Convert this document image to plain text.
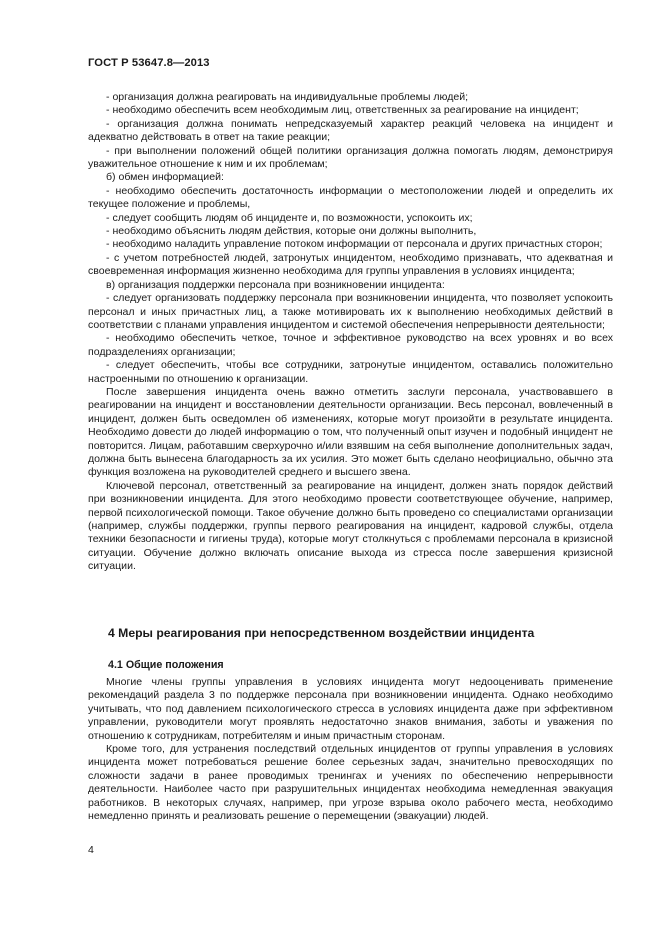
ГОСТ Р 53647.8—2013

- организация должна реагировать на индивидуальные проблемы людей;

- необходимо обеспечить всем необходимым лиц, ответственных за реагирование на инцидент;

- организация должна понимать непредсказуемый характер реакций человека на инцидент и адекватно действовать в ответ на такие реакции;

- при выполнении положений общей политики организация должна помогать людям, демонстрируя уважительное отношение к ним и их проблемам;

б) обмен информацией:

- необходимо обеспечить достаточность информации о местоположении людей и определить их текущее положение и проблемы,

- следует сообщить людям об инциденте и, по возможности, успокоить их;

- необходимо объяснить людям действия, которые они должны выполнить,

- необходимо наладить управление потоком информации от персонала и других причастных сторон;

- с учетом потребностей людей, затронутых инцидентом, необходимо признавать, что адекватная и своевременная информация жизненно необходима для группы управления в условиях инцидента;

в) организация поддержки персонала при возникновении инцидента:

- следует организовать поддержку персонала при возникновении инцидента, что позволяет успокоить персонал и иных причастных лиц, а также мотивировать их к выполнению необходимых действий в соответствии с планами управления инцидентом и системой обеспечения непрерывности деятельности;

- необходимо обеспечить четкое, точное и эффективное руководство на всех уровнях и во всех подразделениях организации;

- следует обеспечить, чтобы все сотрудники, затронутые инцидентом, оставались положительно настроенными по отношению к организации.

После завершения инцидента очень важно отметить заслуги персонала, участвовавшего в реагировании на инцидент и восстановлении деятельности организации. Весь персонал, вовлеченный в инцидент, должен быть осведомлен об изменениях, которые могут произойти в результате инцидента. Необходимо довести до людей информацию о том, что полученный опыт изучен и подобный инцидент не повторится. Лицам, работавшим сверхурочно и/или взявшим на себя выполнение дополнительных задач, должна быть вынесена благодарность за их усилия. Это может быть сделано неофициально, обычно эта функция возложена на руководителей среднего и высшего звена.

Ключевой персонал, ответственный за реагирование на инцидент, должен знать порядок действий при возникновении инцидента. Для этого необходимо провести соответствующее обучение, например, первой психологической помощи. Такое обучение должно быть проведено со специалистами организации (например, службы поддержки, группы первого реагирования на инцидент, кадровой службы, отдела техники безопасности и гигиены труда), которые могут столкнуться с проблемами персонала в кризисной ситуации. Обучение должно включать описание выхода из стресса после завершения кризисной ситуации.

4 Меры реагирования при непосредственном воздействии инцидента
4.1 Общие положения

Многие члены группы управления в условиях инцидента могут недооценивать применение рекомендаций раздела 3 по поддержке персонала при возникновении инцидента. Однако необходимо учитывать, что под давлением психологического стресса в условиях инцидента даже при эффективном управлении, руководители могут проявлять недостаточно знаков внимания, заботы и уважения по отношению к сотрудникам, потребителям и иным причастным сторонам.

Кроме того, для устранения последствий отдельных инцидентов от группы управления в условиях инцидента может потребоваться решение более серьезных задач, значительно превосходящих по сложности задачи в ранее проводимых тренингах и учениях по обеспечению непрерывности деятельности. Наиболее часто при разрушительных инцидентах необходима немедленная эвакуация работников. В некоторых случаях, например, при угрозе взрыва около рабочего места, необходимо немедленно принять и реализовать решение о перемещении (эвакуации) людей.

4
